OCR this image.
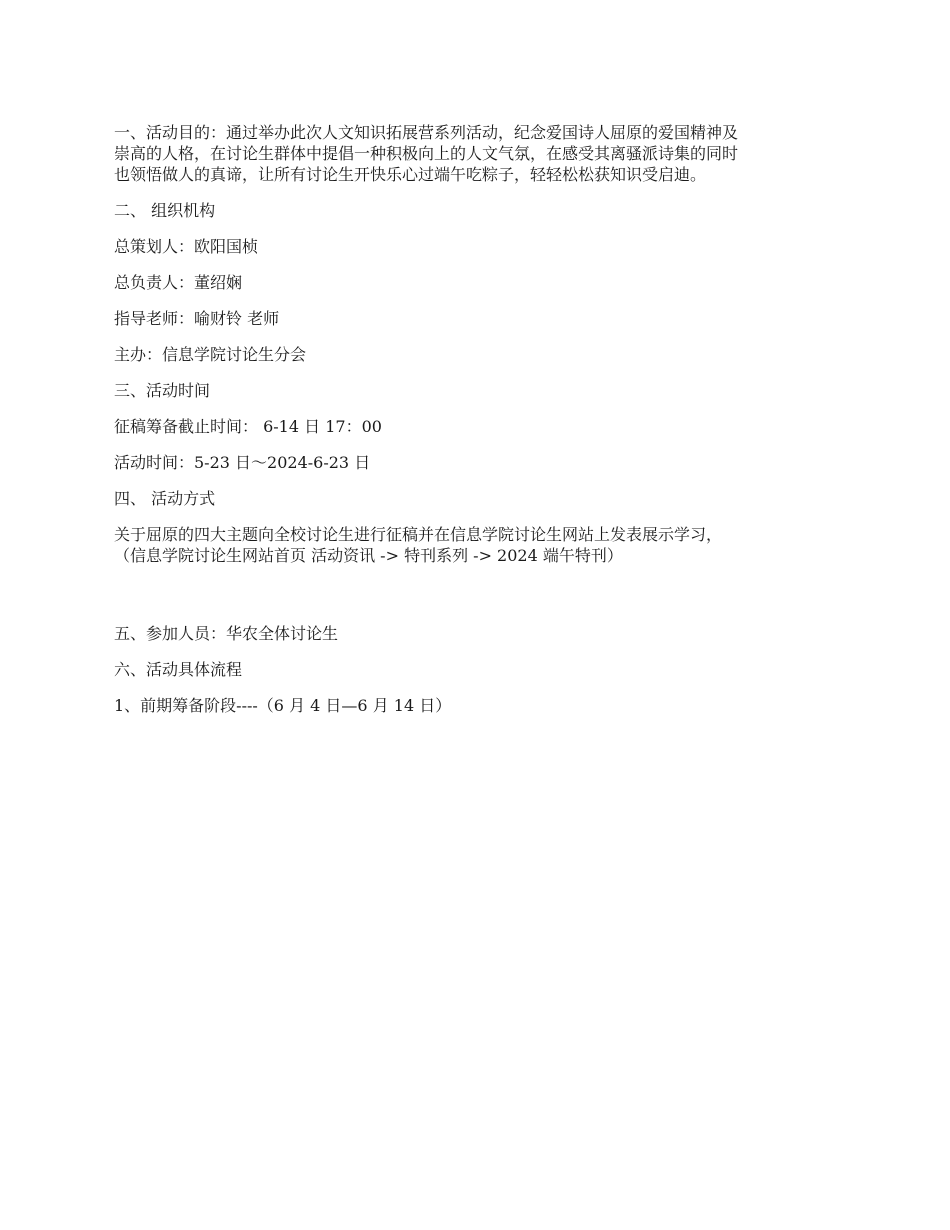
一、活动目的：通过举办此次人文知识拓展营系列活动，纪念爱国诗人屈原的爱国精神及
崇高的人格，在讨论生群体中提倡一种积极向上的人文气氛，在感受其离骚派诗集的同时
也领悟做人的真谛，让所有讨论生开快乐心过端午吃粽子，轻轻松松获知识受启迪。

二、 组织机构

总策划人：欧阳国桢

总负责人：董绍娴

指导老师：喻财铃 老师

主办：信息学院讨论生分会

三、活动时间

征稿筹备截止时间： 6-14 日 17：00

活动时间：5-23 日～2024-6-23 日

四、 活动方式

关于屈原的四大主题向全校讨论生进行征稿并在信息学院讨论生网站上发表展示学习，
（信息学院讨论生网站首页 活动资讯 -> 特刊系列 -> 2024 端午特刊）

五、参加人员：华农全体讨论生

六、活动具体流程

1、前期筹备阶段----（6 月 4 日—6 月 14 日）
